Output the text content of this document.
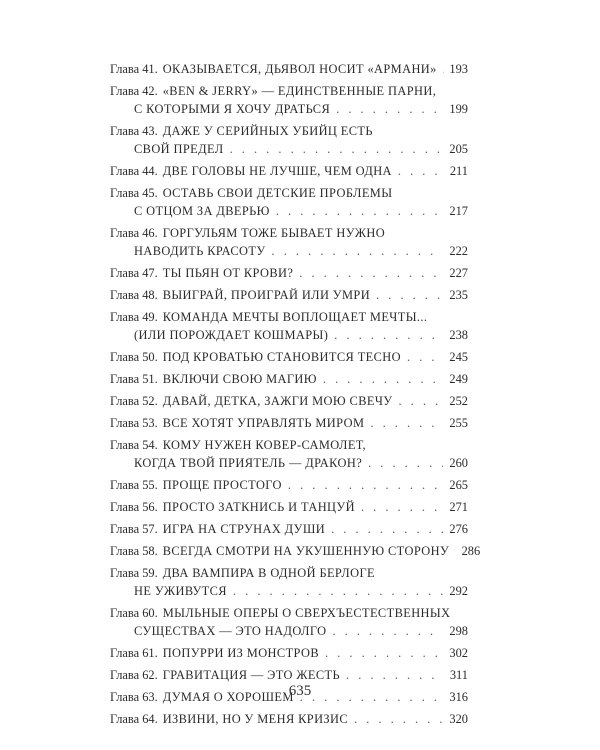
Глава 41. ОКАЗЫВАЕТСЯ, ДЬЯВОЛ НОСИТ «АРМАНИ» . . . 193
Глава 42. «BEN & JERRY» — ЕДИНСТВЕННЫЕ ПАРНИ,
С КОТОРЫМИ Я ХОЧУ ДРАТЬСЯ . . .	199
Глава 43. ДАЖЕ У СЕРИЙНЫХ УБИЙЦ ЕСТЬ
СВОЙ ПРЕДЕЛ . . .	205
Глава 44. ДВЕ ГОЛОВЫ НЕ ЛУЧШЕ, ЧЕМ ОДНА . . .	211
Глава 45. ОСТАВЬ СВОИ ДЕТСКИЕ ПРОБЛЕМЫ
С ОТЦОМ ЗА ДВЕРЬЮ . . .	217
Глава 46. ГОРГУЛЬЯМ ТОЖЕ БЫВАЕТ НУЖНО
НАВОДИТЬ КРАСОТУ . . .	222
Глава 47. ТЫ ПЬЯН ОТ КРОВИ? . . .	227
Глава 48. ВЫИГРАЙ, ПРОИГРАЙ ИЛИ УМРИ . . .	235
Глава 49. КОМАНДА МЕЧТЫ ВОПЛОЩАЕТ МЕЧТЫ...
(ИЛИ ПОРОЖДАЕТ КОШМАРЫ) . . .	238
Глава 50. ПОД КРОВАТЬЮ СТАНОВИТСЯ ТЕСНО . . .	245
Глава 51. ВКЛЮЧИ СВОЮ МАГИЮ . . .	249
Глава 52. ДАВАЙ, ДЕТКА, ЗАЖГИ МОЮ СВЕЧУ . . .	252
Глава 53. ВСЕ ХОТЯТ УПРАВЛЯТЬ МИРОМ . . .	255
Глава 54. КОМУ НУЖЕН КОВЕР-САМОЛЕТ,
КОГДА ТВОЙ ПРИЯТЕЛЬ — ДРАКОН? . . .	260
Глава 55. ПРОЩЕ ПРОСТОГО . . .	265
Глава 56. ПРОСТО ЗАТКНИСЬ И ТАНЦУЙ . . .	271
Глава 57. ИГРА НА СТРУНАХ ДУШИ . . .	276
Глава 58. ВСЕГДА СМОТРИ НА УКУШЕННУЮ СТОРОНУ 286
Глава 59. ДВА ВАМПИРА В ОДНОЙ БЕРЛОГЕ
НЕ УЖИВУТСЯ . . .	292
Глава 60. МЫЛЬНЫЕ ОПЕРЫ О СВЕРХЪЕСТЕСТВЕННЫХ
СУЩЕСТВАХ — ЭТО НАДОЛГО . . .	298
Глава 61. ПОПУРРИ ИЗ МОНСТРОВ . . .	302
Глава 62. ГРАВИТАЦИЯ — ЭТО ЖЕСТЬ . . .	311
Глава 63. ДУМАЯ О ХОРОШЕМ . . .	316
Глава 64. ИЗВИНИ, НО У МЕНЯ КРИЗИС . . .	320
635
